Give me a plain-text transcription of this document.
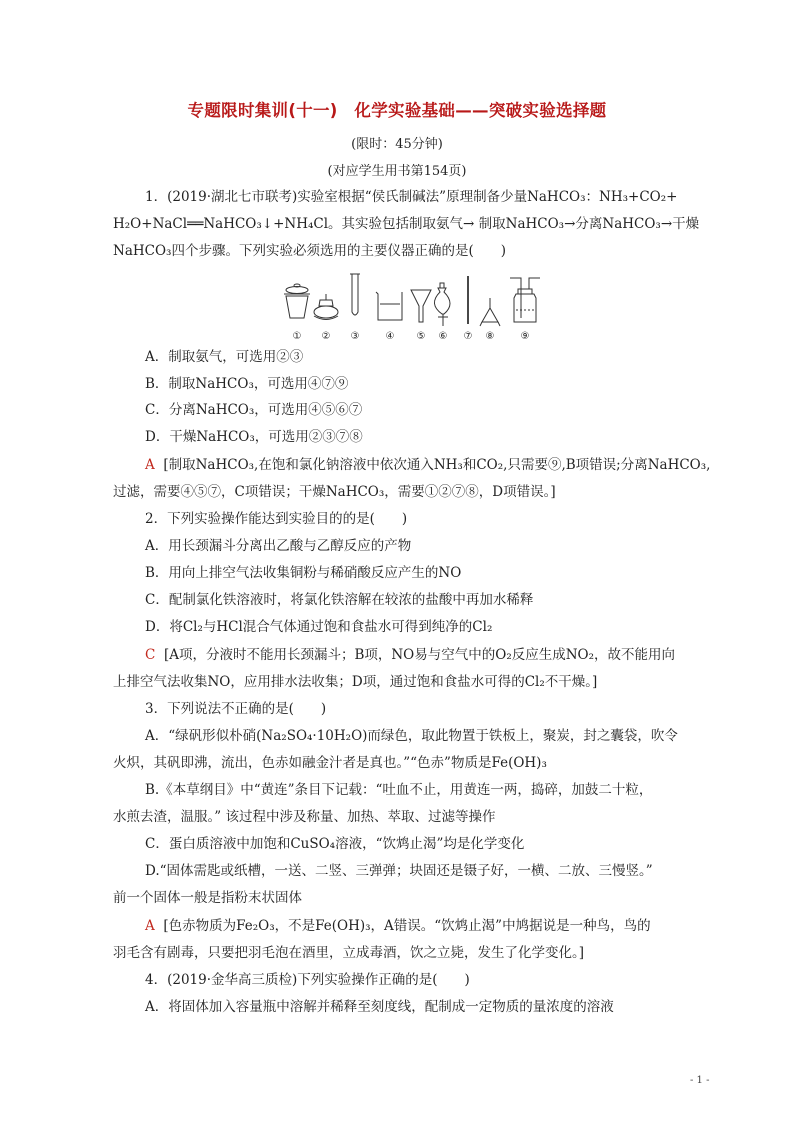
专题限时集训(十一)　化学实验基础——突破实验选择题
(限时：45分钟)
(对应学生用书第154页)
1．(2019·湖北七市联考)实验室根据“侯氏制碱法”原理制备少量NaHCO₃：NH₃+CO₂+
H₂O+NaCl══NaHCO₃↓+NH₄Cl。其实验包括制取氨气→ 制取NaHCO₃→分离NaHCO₃→干燥
NaHCO₃四个步骤。下列实验必须选用的主要仪器正确的是(　　)
① ② ③	④ ⑤ ⑥ ⑦ ⑧	⑨
A．制取氨气，可选用②③
B．制取NaHCO₃，可选用④⑦⑨
C．分离NaHCO₃，可选用④⑤⑥⑦
D．干燥NaHCO₃，可选用②③⑦⑧
A [制取NaHCO₃,在饱和氯化钠溶液中依次通入NH₃和CO₂,只需要⑨,B项错误;分离NaHCO₃,
过滤，需要④⑤⑦，C项错误；干燥NaHCO₃，需要①②⑦⑧，D项错误。]
2．下列实验操作能达到实验目的的是(　　)
A．用长颈漏斗分离出乙酸与乙醇反应的产物
B．用向上排空气法收集铜粉与稀硝酸反应产生的NO
C．配制氯化铁溶液时，将氯化铁溶解在较浓的盐酸中再加水稀释
D．将Cl₂与HCl混合气体通过饱和食盐水可得到纯净的Cl₂
C [A项，分液时不能用长颈漏斗；B项，NO易与空气中的O₂反应生成NO₂，故不能用向
上排空气法收集NO，应用排水法收集；D项，通过饱和食盐水可得的Cl₂不干燥。]
3．下列说法不正确的是(　　)
A．“绿矾形似朴硝(Na₂SO₄·10H₂O)而绿色，取此物置于铁板上，聚炭，封之囊袋，吹令
火炽，其矾即沸，流出，色赤如融金汁者是真也。”“色赤”物质是Fe(OH)₃
B.《本草纲目》中“黄连”条目下记载：“吐血不止，用黄连一两，捣碎，加鼓二十粒，
水煎去渣，温服。” 该过程中涉及称量、加热、萃取、过滤等操作
C．蛋白质溶液中加饱和CuSO₄溶液，“饮鸩止渴”均是化学变化
D.“固体需匙或纸槽，一送、二竖、三弹弹；块固还是镊子好，一横、二放、三慢竖。”
前一个固体一般是指粉末状固体
A [色赤物质为Fe₂O₃，不是Fe(OH)₃，A错误。“饮鸩止渴”中鸠据说是一种鸟，鸟的
羽毛含有剧毒，只要把羽毛泡在酒里，立成毒酒，饮之立毙，发生了化学变化。]
4．(2019·金华高三质检)下列实验操作正确的是(　　)
A．将固体加入容量瓶中溶解并稀释至刻度线，配制成一定物质的量浓度的溶液
- 1 -
